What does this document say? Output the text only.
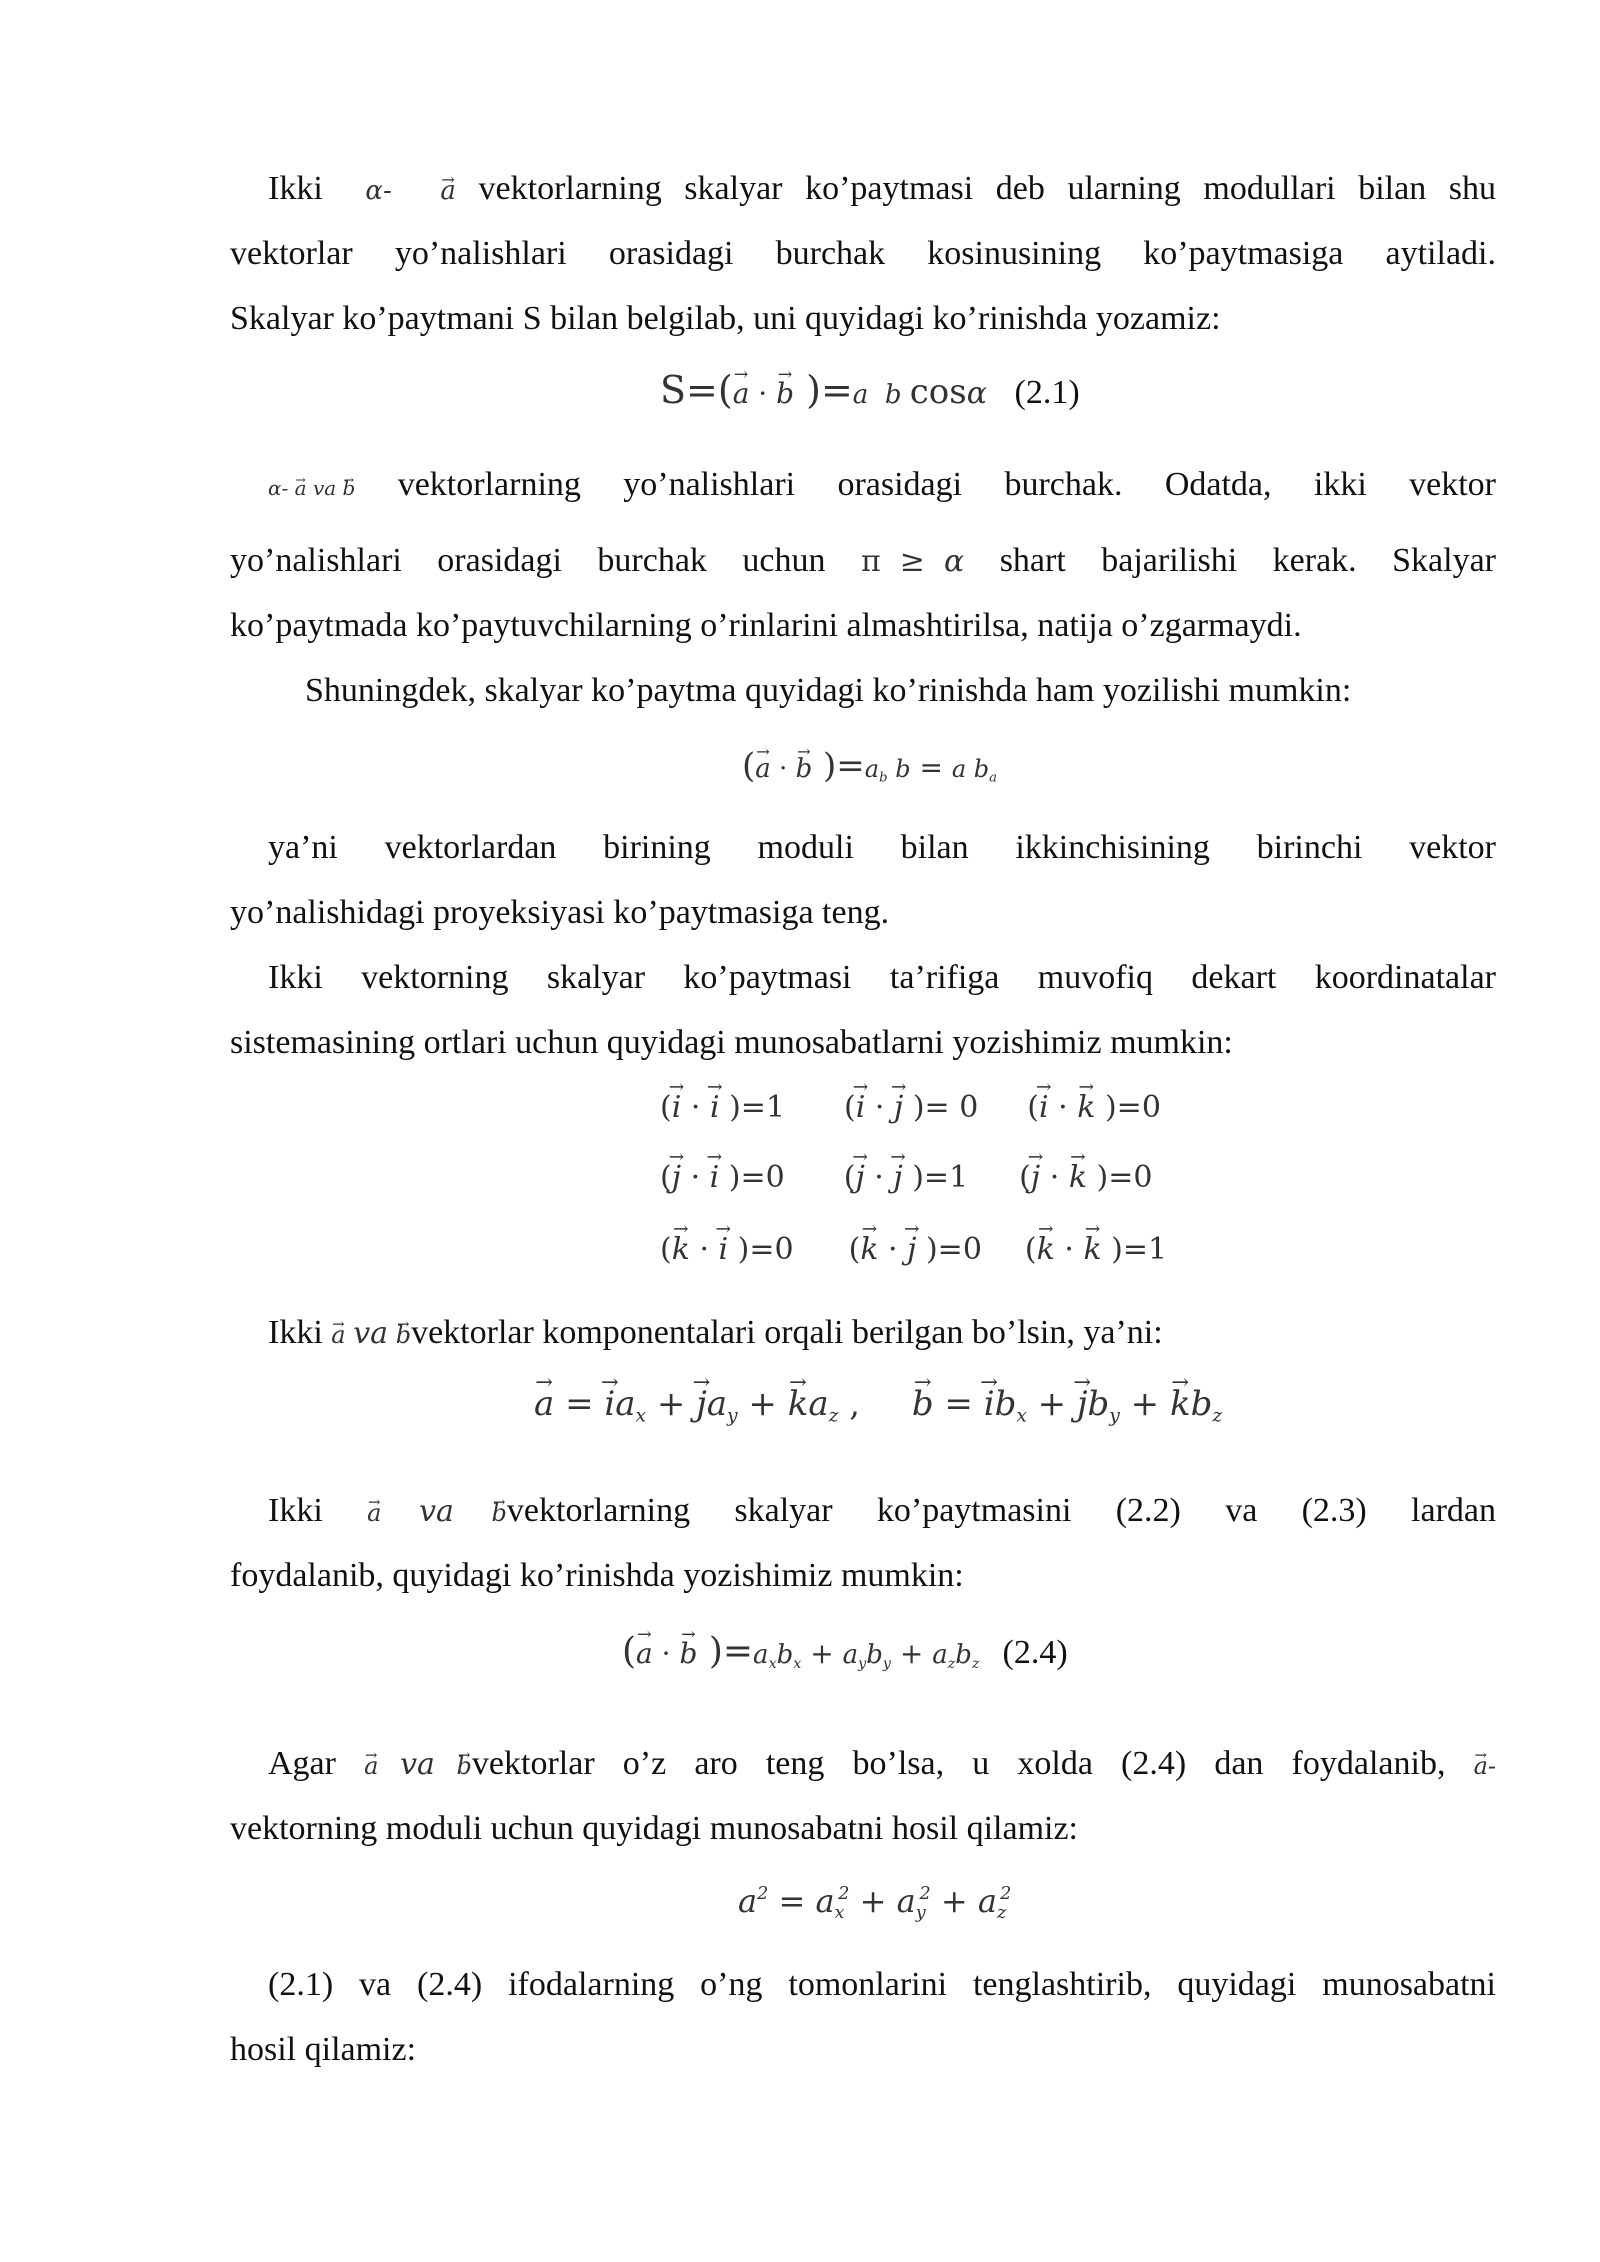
Ikki α- a → vektorlarning skalyar ko’paytmasi deb ularning modullari bilan shu
vektorlar yo’nalishlari orasidagi burchak kosinusining ko’paytmasiga aytiladi.
Skalyar ko’paytmani S bilan belgilab, uni quyidagi ko’rinishda yozamiz:
S=(a → · b → )=a b cosα (2.1)
α- a → va b → vektorlarning yo’nalishlari orasidagi burchak. Odatda, ikki vektor
yo’nalishlari orasidagi burchak uchun π ≥ α shart bajarilishi kerak. Skalyar
ko’paytmada ko’paytuvchilarning o’rinlarini almashtirilsa, natija o’zgarmaydi.
Shuningdek, skalyar ko’paytma quyidagi ko’rinishda ham yozilishi mumkin:
(a → · $b \to )=a_b$ b = a $b_a$
ya’ni vektorlardan birining moduli bilan ikkinchisining birinchi vektor
yo’nalishidagi proyeksiyasi ko’paytmasiga teng.
Ikki vektorning skalyar ko’paytmasi ta’rifiga muvofiq dekart koordinatalar
sistemasining ortlari uchun quyidagi munosabatlarni yozishimiz mumkin:
(i → · i → )=1 (i → · j → )= 0 (i → · k → )=0
(j → · i → )=0 (j → · j → )=1 (j → · k → )=0
(k → · i → )=0 (k → · j → )=0 (k → · k → )=1
Ikki a → va b →vektorlar komponentalari orqali berilgan bo’lsin, ya’ni:
a → = $i \to a_x + j \to a_y + k \to a_z$ ,     b → = $i \to b_x + j \to b_y + k \to b_z$
Ikki a → va b →vektorlarning skalyar ko’paytmasini (2.2) va (2.3) lardan
foydalanib, quyidagi ko’rinishda yozishimiz mumkin:
(a → · $b \to )=a_xb_x + a_yb_y + a_zb_z$ (2.4)
Agar a → va b →vektorlar o’z aro teng bo’lsa, u xolda (2.4) dan foydalanib, a →-
vektorning moduli uchun quyidagi munosabatni hosil qilamiz:
$a^2 = a_x^2 + a_y^2 + a_z^2$
(2.1) va (2.4) ifodalarning o’ng tomonlarini tenglashtirib, quyidagi munosabatni
hosil qilamiz:
